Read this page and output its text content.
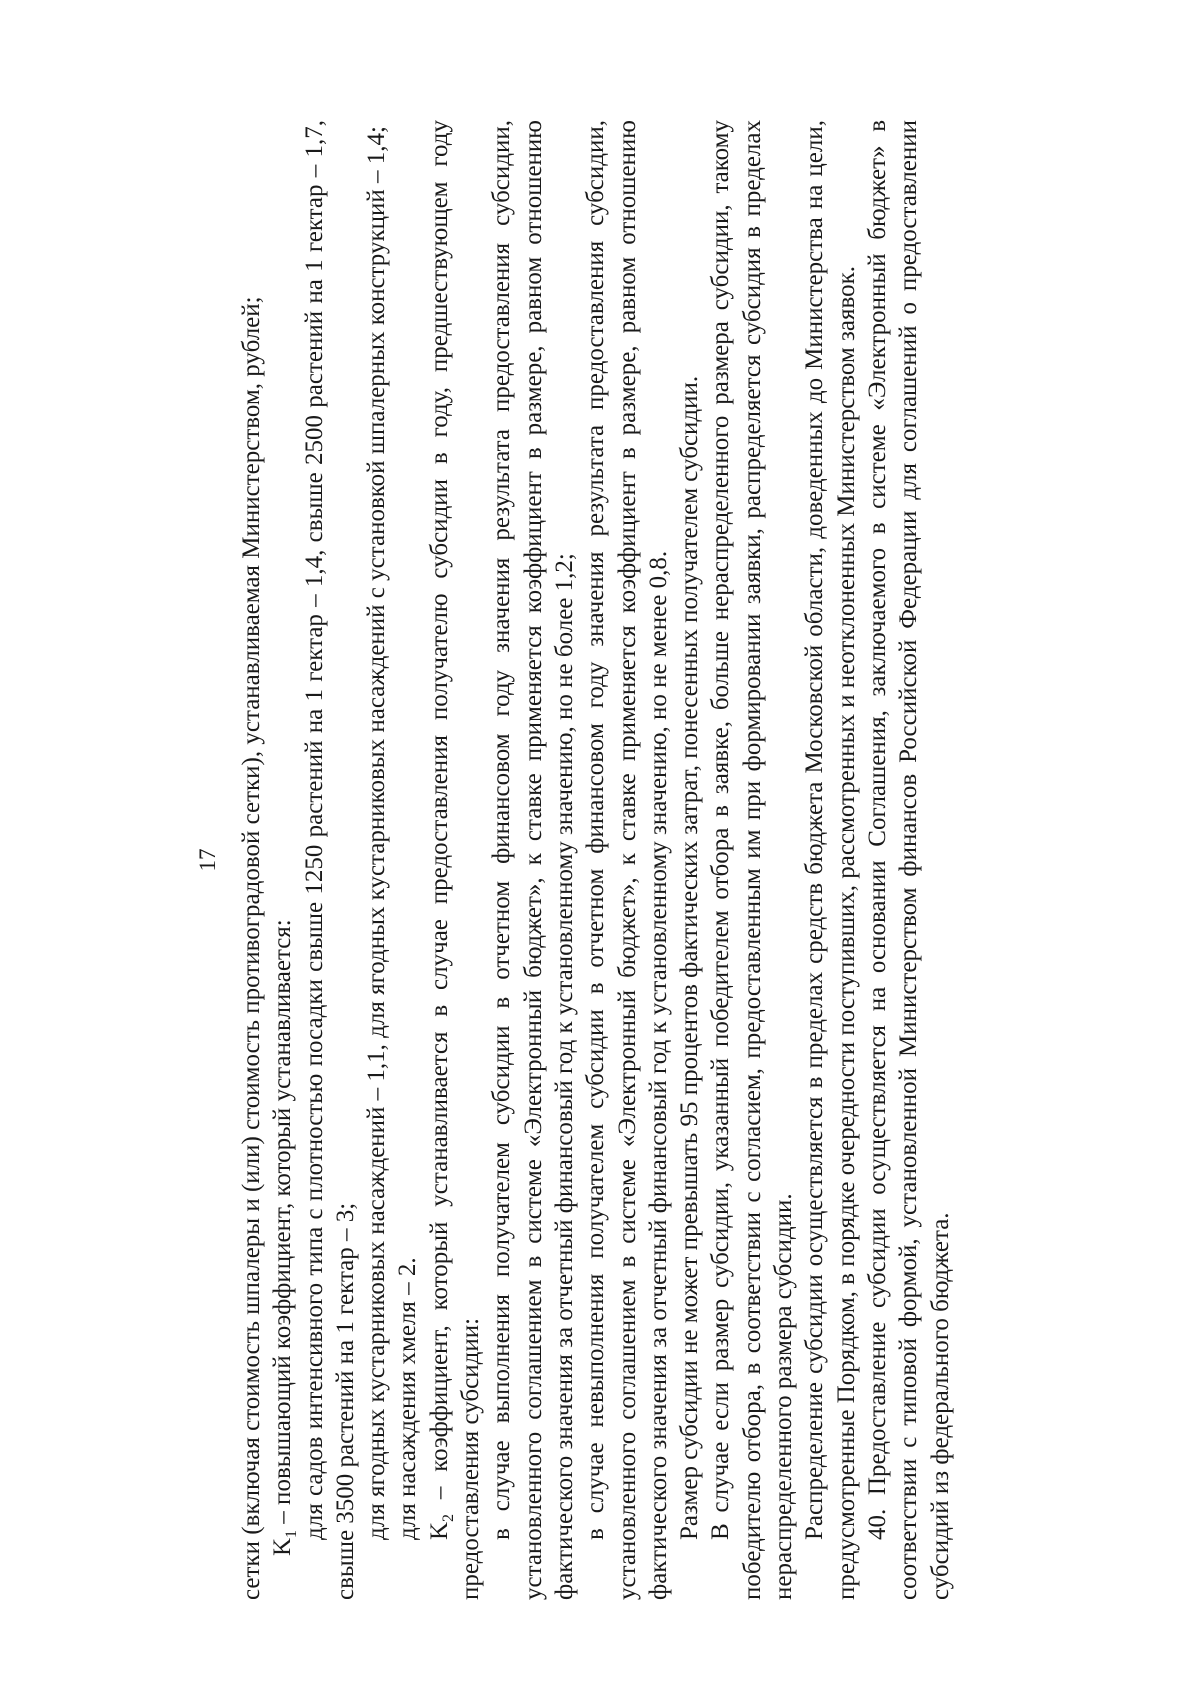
17 сетки (включая стоимость шпалеры и (или) стоимость противоградовой сетки), устанавливаемая Министерством, рублей; $K_1$ – повышающий коэффициент, который устанавливается: для садов интенсивного типа с плотностью посадки свыше 1250 растений на 1 гектар – 1,4, свыше 2500 растений на 1 гектар – 1,7, свыше 3500 растений на 1 гектар – 3; для ягодных кустарниковых насаждений – 1,1, для ягодных кустарниковых насаждений с установкой шпалерных конструкций – 1,4; для насаждения хмеля – 2. $K_2$ – коэффициент, который устанавливается в случае предоставления получателю субсидии в году, предшествующем году предоставления субсидии: в случае выполнения получателем субсидии в отчетном финансовом году значения результата предоставления субсидии, установленного соглашением в системе «Электронный бюджет», к ставке применяется коэффициент в размере, равном отношению фактического значения за отчетный финансовый год к установленному значению, но не более 1,2; в случае невыполнения получателем субсидии в отчетном финансовом году значения результата предоставления субсидии, установленного соглашением в системе «Электронный бюджет», к ставке применяется коэффициент в размере, равном отношению фактического значения за отчетный финансовый год к установленному значению, но не менее 0,8. Размер субсидии не может превышать 95 процентов фактических затрат, понесенных получателем субсидии. В случае если размер субсидии, указанный победителем отбора в заявке, больше нераспределенного размера субсидии, такому победителю отбора, в соответствии с согласием, предоставленным им при формировании заявки, распределяется субсидия в пределах нераспределенного размера субсидии. Распределение субсидии осуществляется в пределах средств бюджета Московской области, доведенных до Министерства на цели, предусмотренные Порядком, в порядке очередности поступивших, рассмотренных и неотклоненных Министерством заявок. 40. Предоставление субсидии осуществляется на основании Соглашения, заключаемого в системе «Электронный бюджет» в соответствии с типовой формой, установленной Министерством финансов Российской Федерации для соглашений о предоставлении субсидий из федерального бюджета.
